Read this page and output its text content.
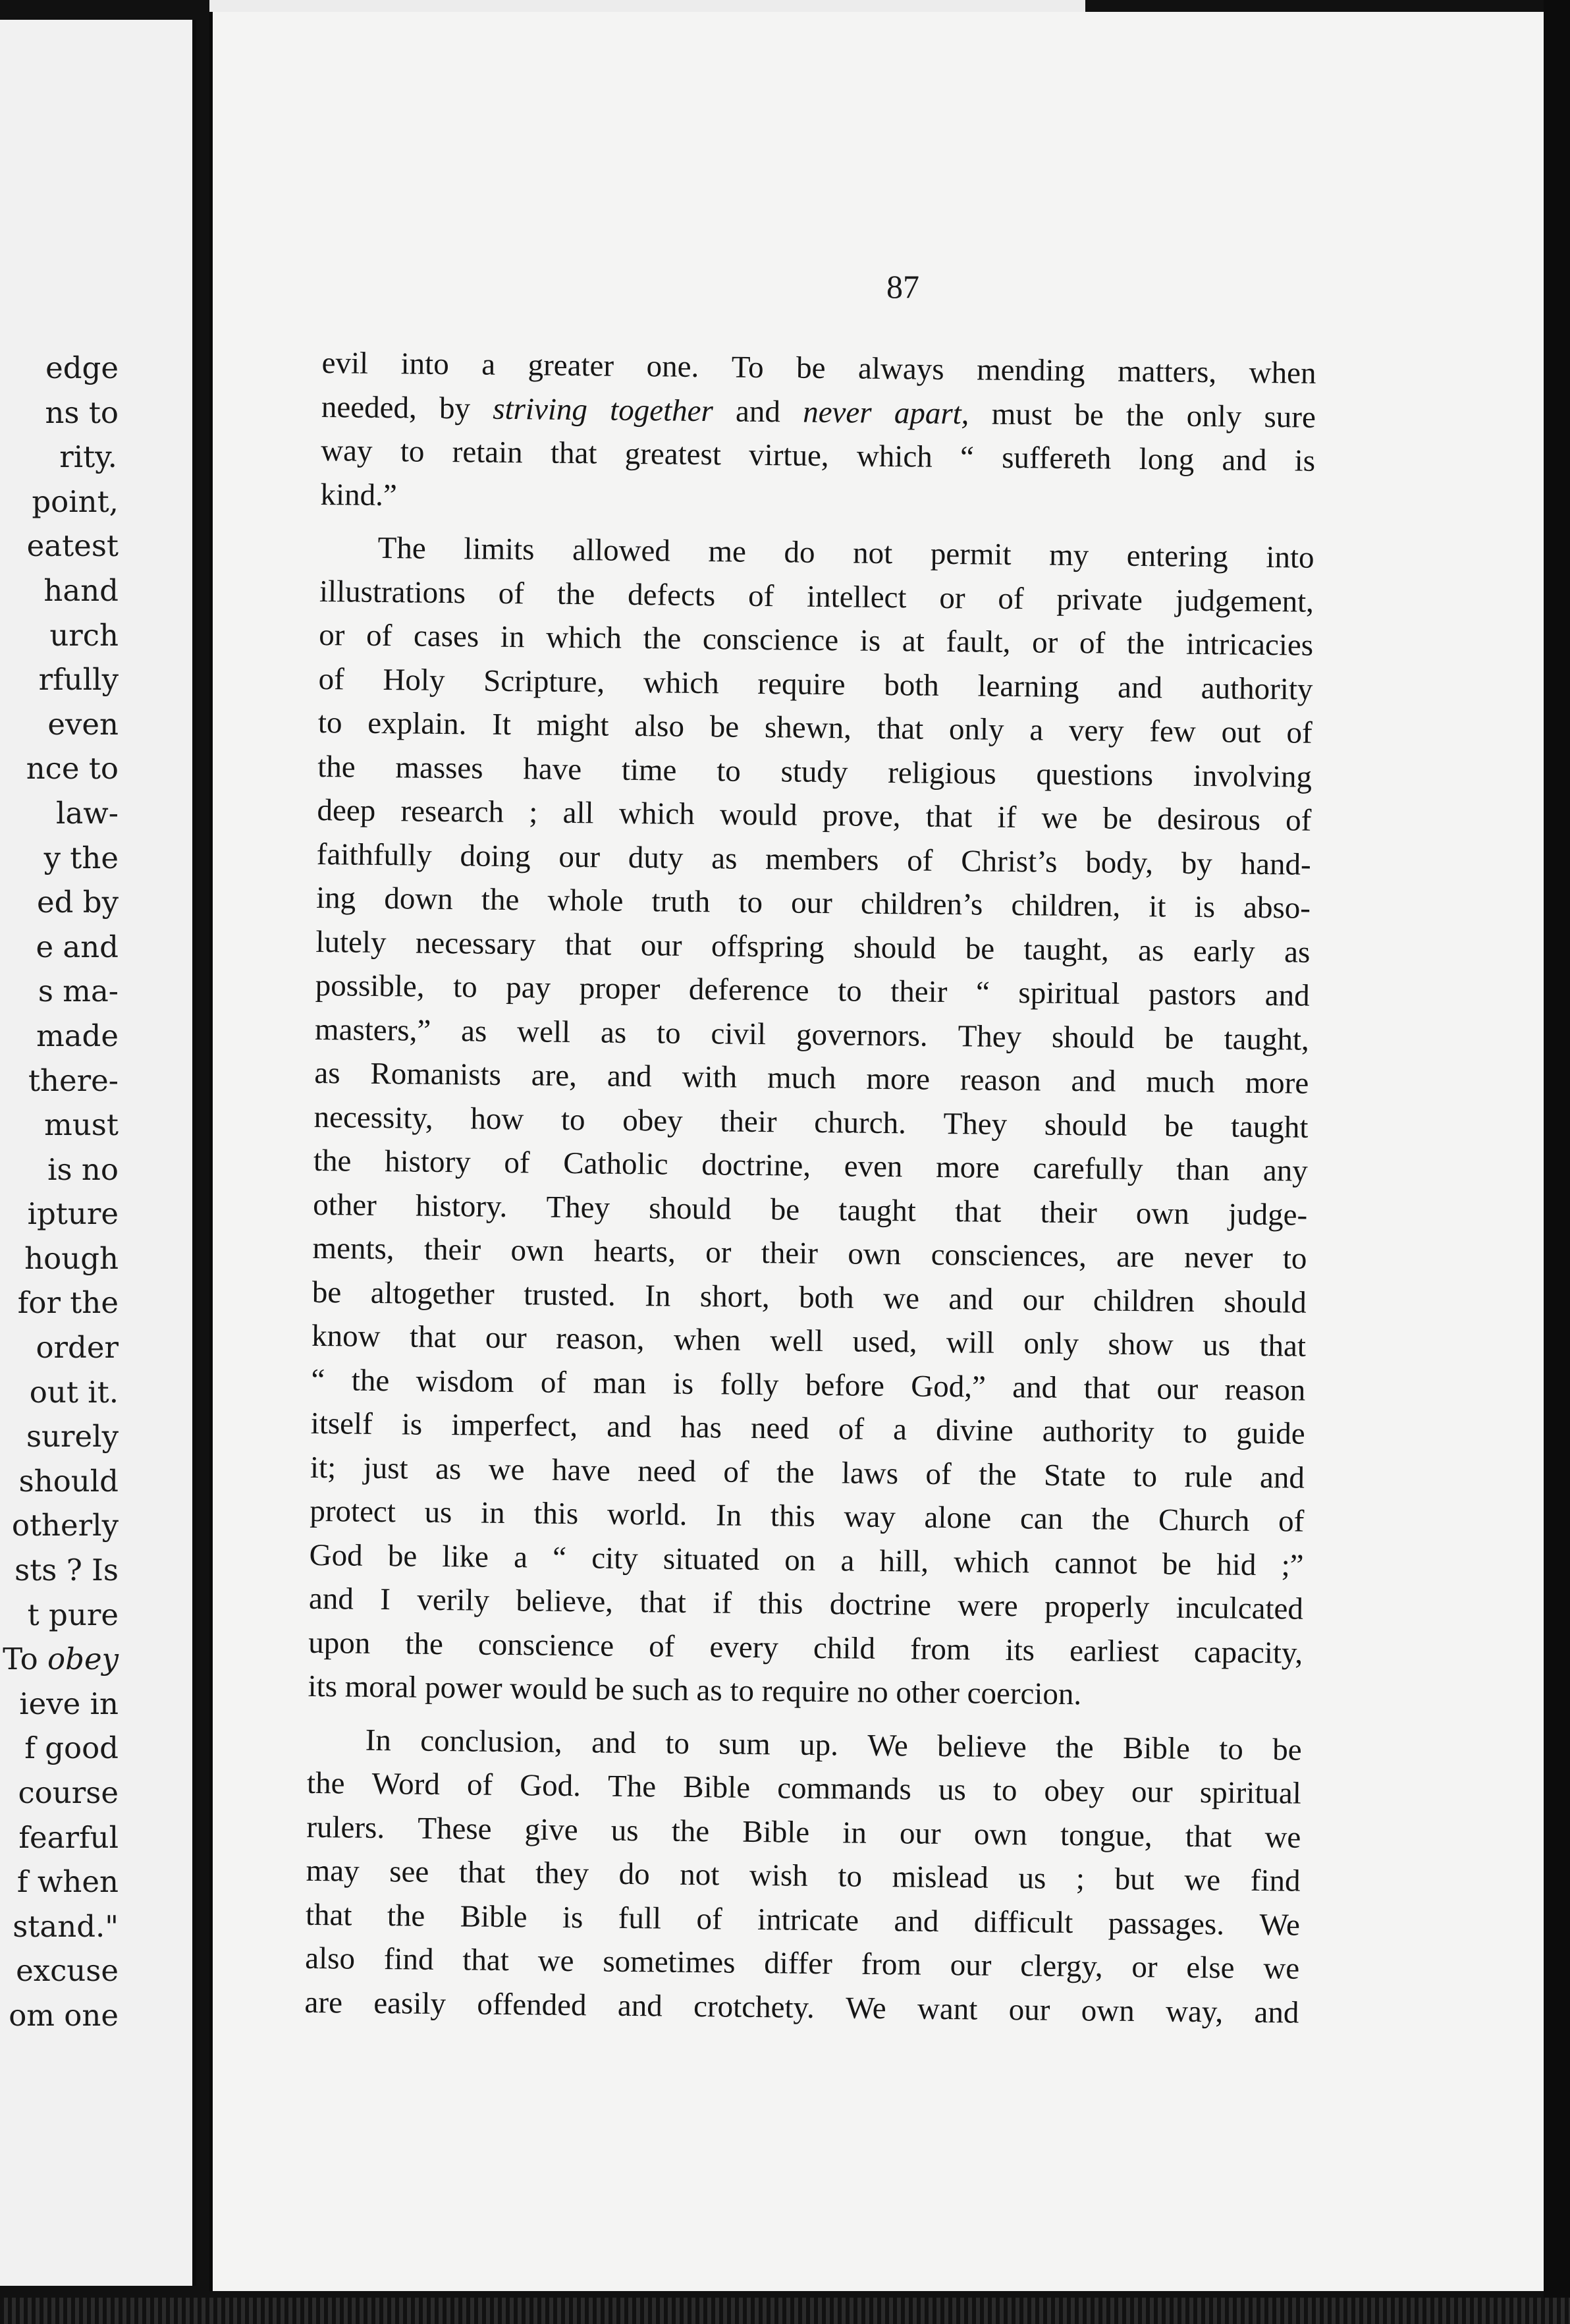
edge
ns to
rity.
point,
eatest
hand
urch
rfully
even
nce to
law-
y the
ed by
e and
s ma-
made
there-
must
is no
ipture
hough
for the
order
out it.
surely
should
otherly
sts ? Is
t pure
To obey
ieve in
f good
course
fearful
f when
stand."
excuse
om one
87
evil into a greater one. To be always mending matters, when
needed, by striving together and never apart, must be the only sure
way to retain that greatest virtue, which “ suffereth long and is
kind.”
The limits allowed me do not permit my entering into
illustrations of the defects of intellect or of private judgement,
or of cases in which the conscience is at fault, or of the intricacies
of Holy Scripture, which require both learning and authority
to explain. It might also be shewn, that only a very few out of
the masses have time to study religious questions involving
deep research ; all which would prove, that if we be desirous of
faithfully doing our duty as members of Christ’s body, by hand-
ing down the whole truth to our children’s children, it is abso-
lutely necessary that our offspring should be taught, as early as
possible, to pay proper deference to their “ spiritual pastors and
masters,” as well as to civil governors. They should be taught,
as Romanists are, and with much more reason and much more
necessity, how to obey their church. They should be taught
the history of Catholic doctrine, even more carefully than any
other history. They should be taught that their own judge-
ments, their own hearts, or their own consciences, are never to
be altogether trusted. In short, both we and our children should
know that our reason, when well used, will only show us that
“ the wisdom of man is folly before God,” and that our reason
itself is imperfect, and has need of a divine authority to guide
it; just as we have need of the laws of the State to rule and
protect us in this world. In this way alone can the Church of
God be like a “ city situated on a hill, which cannot be hid ;”
and I verily believe, that if this doctrine were properly inculcated
upon the conscience of every child from its earliest capacity,
its moral power would be such as to require no other coercion.
In conclusion, and to sum up. We believe the Bible to be
the Word of God. The Bible commands us to obey our spiritual
rulers. These give us the Bible in our own tongue, that we
may see that they do not wish to mislead us ; but we find
that the Bible is full of intricate and difficult passages. We
also find that we sometimes differ from our clergy, or else we
are easily offended and crotchety. We want our own way, and
